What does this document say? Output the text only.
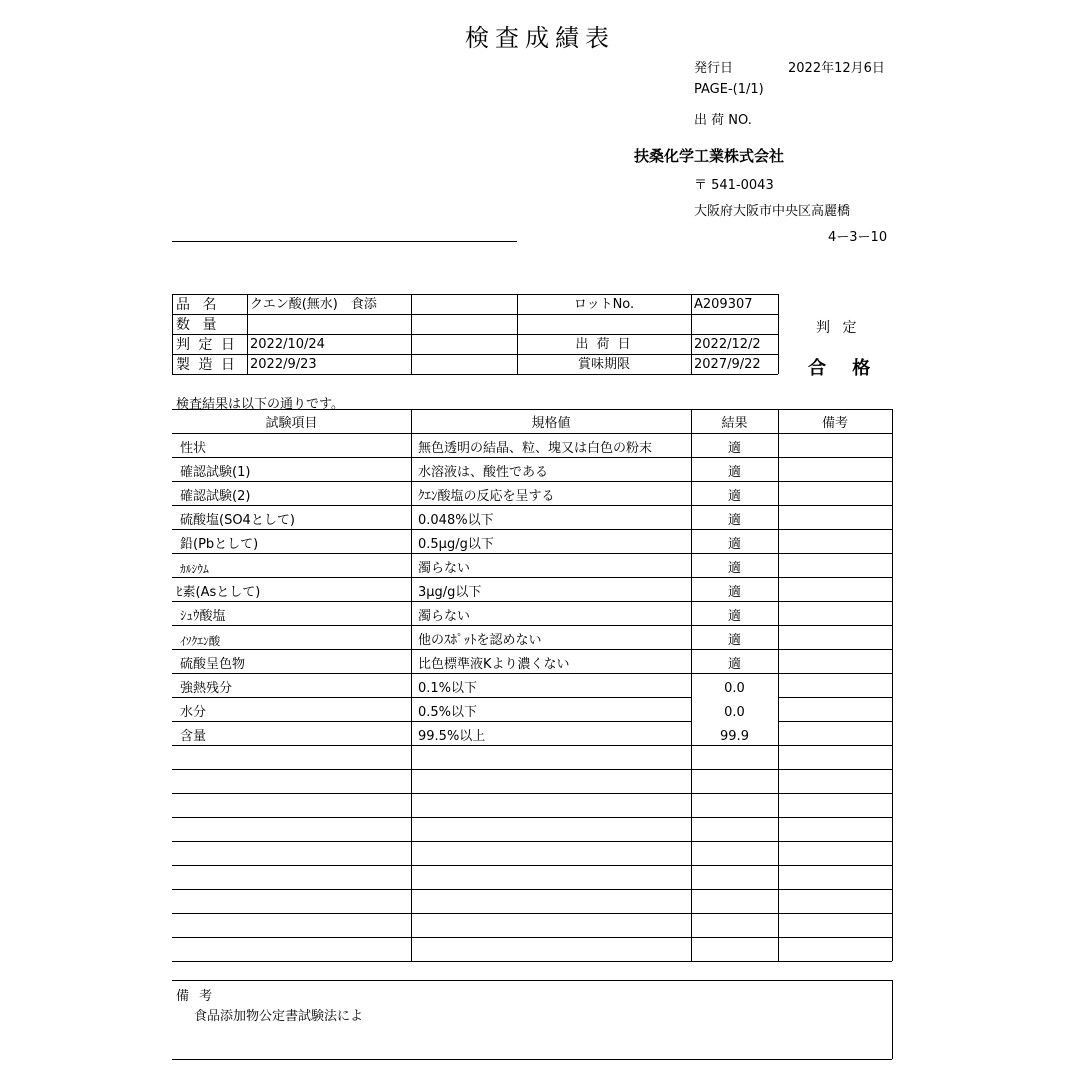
検査成績表
発行日	2022年12月6日
PAGE-(1/1)
出 荷 NO.
扶桑化学工業株式会社
〒 541-0043
大阪府大阪市中央区高麗橋
4ー3ー10
品 名 クエン酸(無水)　食添	ロットNo.	A209307
数 量
判 定 日 2022/10/24	出 荷 日	2022/12/2
製 造 日 2022/9/23	賞味期限	2027/9/22
判 定
合 格
検査結果は以下の通りです。
試験項目	規格値	結果	備考
性状	無色透明の結晶、粒、塊又は白色の粉末	適
確認試験(1)	水溶液は、酸性である	適
確認試験(2)	ｸｴﾝ酸塩の反応を呈する	適
硫酸塩(SO4として)	0.048%以下	適
鉛(Pbとして)	0.5μg/g以下	適
ｶﾙｼｳﾑ	濁らない	適
ﾋ素(Asとして)	3μg/g以下	適
ｼｭｳ酸塩	濁らない	適
ｲｿｸｴﾝ酸	他のｽﾎﾟｯﾄを認めない	適
硫酸呈色物	比色標準液Kより濃くない	適
強熱残分	0.1%以下	0.0
水分	0.5%以下	0.0
含量	99.5%以上	99.9
備 考
食品添加物公定書試験法によ
